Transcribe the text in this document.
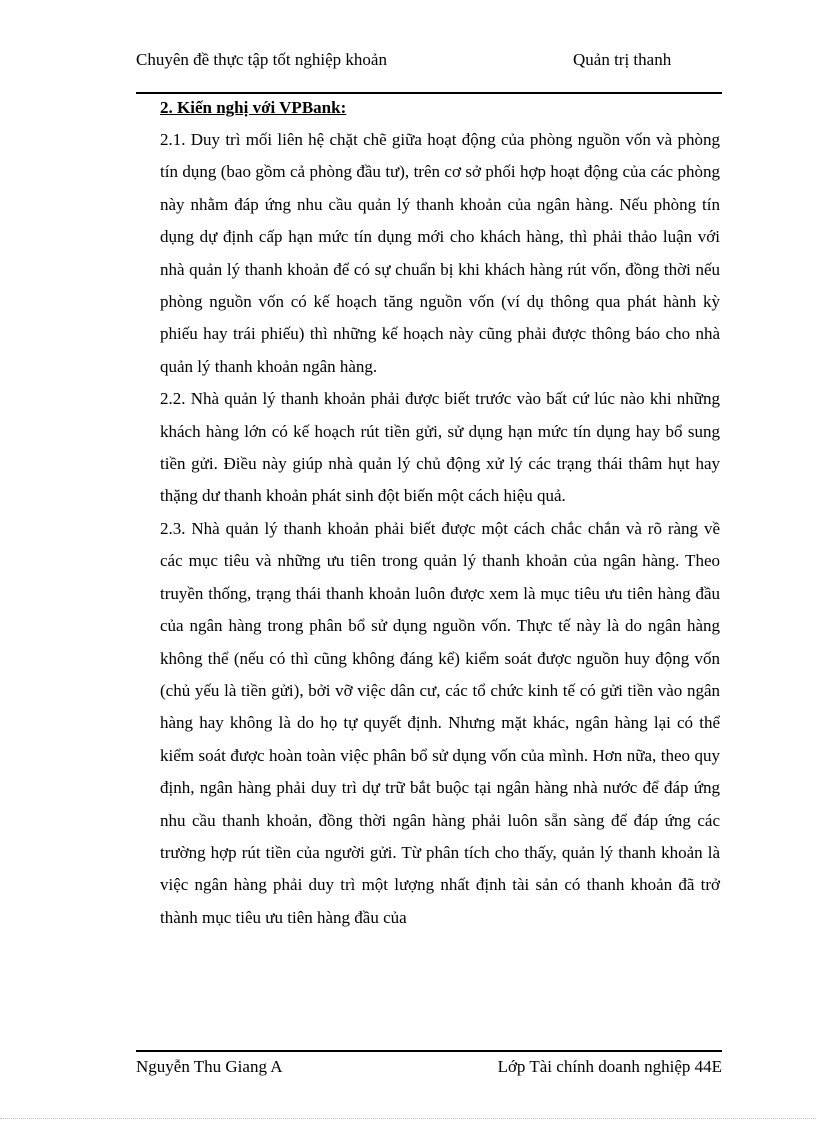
Chuyên đề thực tập tốt nghiệp khoản	Quản trị thanh
2. Kiến nghị với VPBank:

2.1. Duy trì mối liên hệ chặt chẽ giữa hoạt động của phòng nguồn vốn và phòng tín dụng (bao gồm cả phòng đầu tư), trên cơ sở phối hợp hoạt động của các phòng này nhằm đáp ứng nhu cầu quản lý thanh khoản của ngân hàng. Nếu phòng tín dụng dự định cấp hạn mức tín dụng mới cho khách hàng, thì phải thảo luận với nhà quản lý thanh khoản để có sự chuẩn bị khi khách hàng rút vốn, đồng thời nếu phòng nguồn vốn có kế hoạch tăng nguồn vốn (ví dụ thông qua phát hành kỳ phiếu hay trái phiếu) thì những kế hoạch này cũng phải được thông báo cho nhà quản lý thanh khoản ngân hàng.

2.2. Nhà quản lý thanh khoản phải được biết trước vào bất cứ lúc nào khi những khách hàng lớn có kế hoạch rút tiền gửi, sử dụng hạn mức tín dụng hay bổ sung tiền gửi. Điều này giúp nhà quản lý chủ động xử lý các trạng thái thâm hụt hay thặng dư thanh khoản phát sinh đột biến một cách hiệu quả.

2.3. Nhà quản lý thanh khoản phải biết được một cách chắc chắn và rõ ràng về các mục tiêu và những ưu tiên trong quản lý thanh khoản của ngân hàng. Theo truyền thống, trạng thái thanh khoản luôn được xem là mục tiêu ưu tiên hàng đầu của ngân hàng trong phân bổ sử dụng nguồn vốn. Thực tế này là do ngân hàng không thể (nếu có thì cũng không đáng kể) kiểm soát được nguồn huy động vốn (chủ yếu là tiền gửi), bởi vỡ việc dân cư, các tổ chức kinh tế có gửi tiền vào ngân hàng hay không là do họ tự quyết định. Nhưng mặt khác, ngân hàng lại có thể kiểm soát được hoàn toàn việc phân bổ sử dụng vốn của mình. Hơn nữa, theo quy định, ngân hàng phải duy trì dự trữ bắt buộc tại ngân hàng nhà nước để đáp ứng nhu cầu thanh khoản, đồng thời ngân hàng phải luôn sẵn sàng để đáp ứng các trường hợp rút tiền của người gửi. Từ phân tích cho thấy, quản lý thanh khoản là việc ngân hàng phải duy trì một lượng nhất định tài sản có thanh khoản đã trở thành mục tiêu ưu tiên hàng đầu của

Nguyễn Thu Giang A	Lớp Tài chính doanh nghiệp 44E
